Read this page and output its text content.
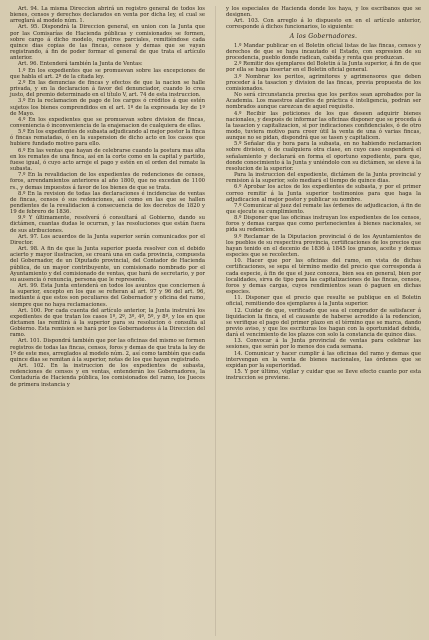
Art. 94. La misma Direccion abrirá un registro general de todos los bienes, censos y derechos declarados en venta por dicha ley, el cual se arreglará al modelo núm. 1.

Art. 95. Dispondrá la Direccion general, en union con la Junta que por las Comisarías de Hacienda públicas y comisionados se formen, sobre cargo á dicho modelo, registros parciales, remitiéndose cada quince dias copias de las fincas, censos y demas que se vayan registrando, á fin de poder formar el general de que trata el artículo anterior.

Art. 96. Entenderá también la Junta de Ventas:

1.º En los expedientes que se promuevan sobre las excepciones de que habla el art. 2º de la citada ley.

2.º En las denuncias de fincas y efectos de que la nacion se halle privada, y en la declaracion á favor del denunciador, cuando lo crea justo, del premio determinado en el título V, art. 74 de esta instruccion.

3.º En la reclamacion de pago de los cargos ó créditos á que estén sujetos los bienes comprendidos en el art. 1º de la expresada ley de 1º de Mayo.

4.º En los expedientes que se promuevan sobre division de fincas, conveniencia ó inconveniencia de la enajenacion de cualquiera de ellas.

5.º En los expedientes de subasta adjudicando al mejor postor la finca ó fincas rematadas, ó en la suspension de dicho acto en los casos que hubiere fundado motivo para ello.

6.º En las ventas que hayan de celebrarse cuando la postura mas alta en los remates de una finca, así en la corte como en la capital y partido, fuese igual, ó cuyo acto arroje el pago y estén en el orden del remate la subasta.

7.º En la revalidacion de los expedientes de redenciones de censos, foros, arrendamientos anteriores al año 1800, que no excedan de 1100 rs., y demas impuestos á favor de los bienes de que se trata.

8.º En la revision de todas las declaraciones é incidencias de ventas de fincas, censos ó sus redenciones, así como en las que se hallen pendientes de la revalidacion á consecuencia de los decretos de 1820 y 19 de febrero de 1836.

9.º Y últimamente, resolverá ó consultará al Gobierno, dando su dictámen, cuantas dudas le ocurran, y las resoluciones que están fuera de sus atribuciones.

Art. 97. Los acuerdos de la Junta superior serán comunicados por el Director.

Art. 98. A fin de que la Junta superior pueda resolver con el debido acierto y mayor ilustracion, se creará una en cada provincia, compuesta del Gobernador, de un Diputado provincial, del Contador de Hacienda pública, de un mayor contribuyente, un comisionado nombrado por el Ayuntamiento y del comisionado de ventas, que hará de secretario, y por su ausencia ó renuncia, persona que le represente.

Art. 99. Esta Junta entenderá en todos los asuntos que conciernen á la superior, excepto en los que se refieran al art. 97 y 96 del art. 96, mediante á que estos son peculiares del Gobernador y oficina del ramo, siempre que no haya reclamaciones.

Art. 100. Por cada cuenta del artículo anterior, la Junta instruirá los expedientes de que tratan los casos 1º, 2º, 3º, 4º, 5º, y 8º, y los en que dictamen las remitirá á la superior para su resolucion ó consulta al Gobierno. Esta remision se hará por los Gobernadores á la Direccion del ramo.

Art. 101. Dispondrá también que por las oficinas del mismo se formen registros de todas las fincas, censos, foros y demas de que trata la ley de 1º de este mes, arreglados al modelo núm. 2, así como también que cada quince dias se remitan á la superior, notas de los que hayan registrado.

Art. 102. En la instruccion de los expedientes de subasta, redenciones de censos y en ventas, entenderán los Gobernadores, la Contaduría de Hacienda pública, los comisionados del ramo, los Jueces de primera instancia y

y los especiales de Hacienda donde los haya, y los escribanos que se designen.

Art. 103. Con arreglo á lo dispuesto en en el artículo anterior, corresponde á dichos funcionarios, lo siguiente:

A los Gobernadores.

1.º Mandar publicar en el Boletin oficial listas de las fincas, censos y derechos de que se haya incautado el Estado, con expresion de su procedencia, pueblo donde radican, cabida y renta que produzcan.

2.º Remitir dos ejemplares del Boletin á la Junta superior, á fin de que por ella se haga insertar en el Boletin oficial general.

3.º Nombrar los peritos, agrimitores y agrimensores que deben proceder á la tasacion y division de las fincas, previa propuesta de los comisionados.

No será circunstancia precisa que los peritos sean aprobados por la Academia. Los maestros alarifes de práctica é inteligencia, podrán ser nombrados aunque carezcan de aquel requisito.

4.º Recibir las peticiones de los que deseen adquirir bienes nacionales, y después de informar las oficinas disponer que se proceda á la tasacion y capitalizacion, si por indicaciones confidenciales, ó de otro modo, tuviera motivo para creer útil la venta de una ó varias fincas, aunque no se pidan, dispondrá que se tasen y capitalicen.

5.º Señalar dia y hora para la subasta, en no habiendo reclamacion sobre division, ó de cualquiera otra clase, en cuyo caso suspenderá el señalamiento y declarará en forma el oportuno expediente, para que, donde conocimiento á la Junta y uniéndolo con su dictámen, se eleve á la resolucion de la superior.

Para la instruccion del expediente, dictámen de la Junta provincial y remision á la superior, solo mediará el tiempo de quince dias.

6.º Aprobar los actos de los expedientes de subasta, y por el primer correo remitir á la Junta superior testimonios para que haga la adjudicacion al mejor postor y publicar su nombre.

7.º Comunicar al juez del remate las órdenes de adjudicacion, á fin de que ejecute su cumplimiento.

8.º Disponer que las oficinas instruyan los expedientes de los censos, foros y demas cargas que como pertenecientes á bienes nacionales, se pida su redencion.

9.º Reclamar de la Diputacion provincial ó de los Ayuntamientos de los pueblos de su respectiva provincia, certificaciones de los precios que hayan tenido en el decenio de 1836 á 1845 los granos, aceite y demas especies que se recolecten.

10. Hacer que por las oficinas del ramo, en vista de dichas certificaciones, se sepa el término medio del precio que corresponda á cada especie, á fin de que el juez conozca, bien sea en general, bien por localidades, sirva de tipo para las capitalizaciones de las fincas, censos, foros y demas cargas, cuyos rendimientos sean ó paguen en dichas especies.

11. Disponer que el precio que resulte se publique en el Boletin oficial, remitiendo dos ejemplares á la Junta superior.

12. Cuidar de que, verificado que sea el comprador de satisfacer á liquidacion la finca, el el causante de haberse acredido á la redencion, se verifique el pago del primer plazo en el término que se marca, dando previo aviso, y que los escrituras los hagan con la oportunidad debida, dará el vencimiento de los plazos con solo la constancia de quince dias.

13. Convocar á la Junta provincial de ventas para celebrar las sesiones, que serán por lo menos dos cada semana.

14. Comunicar y hacer cumplir á las oficinas del ramo y demas que intervengan en la venta de bienes nacionales, las órdenes que se expidan por la superioridad.

15. Y por último, vigilar y cuidar que se lleve efecto cuanto por esta instruccion se previene.
